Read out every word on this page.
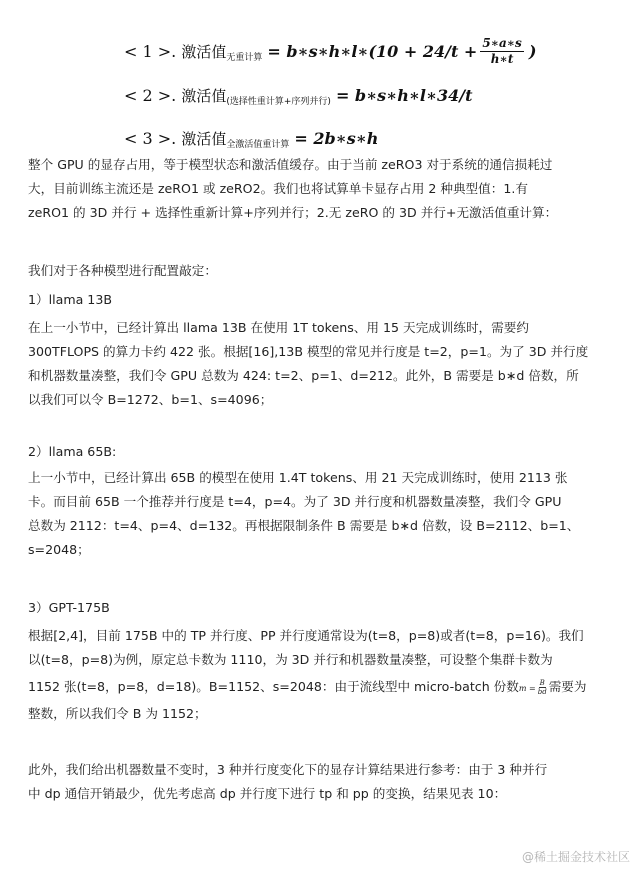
< 1 >.
激活值 无重计算 = b∗s∗h∗l∗(10 + $24/t + \frac{5∗a∗s}{h∗t}$ )
< 2 >.
激活值 (选择性重计算+序列并行) = b∗s∗h∗l∗34/t
< 3 >.
激活值 全激活值重计算 = 2b∗s∗h
整个 GPU 的显存占用，等于模型状态和激活值缓存。由于当前 zeRO3 对于系统的通信损耗过
大，目前训练主流还是 zeRO1 或 zeRO2。我们也将试算单卡显存占用 2 种典型值：1.有
zeRO1 的 3D 并行 + 选择性重新计算+序列并行；2.无 zeRO 的 3D 并行+无激活值重计算：
我们对于各种模型进行配置敲定：
1）llama 13B
在上一小节中，已经计算出 llama 13B 在使用 1T tokens、用 15 天完成训练时，需要约
300TFLOPS 的算力卡约 422 张。根据[16],13B 模型的常见并行度是 t=2，p=1。为了 3D 并行度
和机器数量凑整，我们令 GPU 总数为 424: t=2、p=1、d=212。此外，B 需要是 b∗d 倍数，所
以我们可以令 B=1272、b=1、s=4096；
2）llama 65B:
上一小节中，已经计算出 65B 的模型在使用 1.4T tokens、用 21 天完成训练时，使用 2113 张
卡。而目前 65B 一个推荐并行度是 t=4，p=4。为了 3D 并行度和机器数量凑整，我们令 GPU
总数为 2112：t=4、p=4、d=132。再根据限制条件 B 需要是 b∗d 倍数，设 B=2112、b=1、
s=2048；
3）GPT-175B
根据[2,4]，目前 175B 中的 TP 并行度、PP 并行度通常设为(t=8，p=8)或者(t=8，p=16)。我们
以(t=8，p=8)为例，原定总卡数为 1110，为 3D 并行和机器数量凑整，可设整个集群卡数为
1152 张(t=8，p=8，d=18)。B=1152、s=2048：由于流线型中 micro-batch 份数$m = \frac{B}{bd}$ 需要为
整数，所以我们令 B 为 1152；
此外，我们给出机器数量不变时，3 种并行度变化下的显存计算结果进行参考：由于 3 种并行
中 dp 通信开销最少，优先考虑高 dp 并行度下进行 tp 和 pp 的变换，结果见表 10：
@稀土掘金技术社区
